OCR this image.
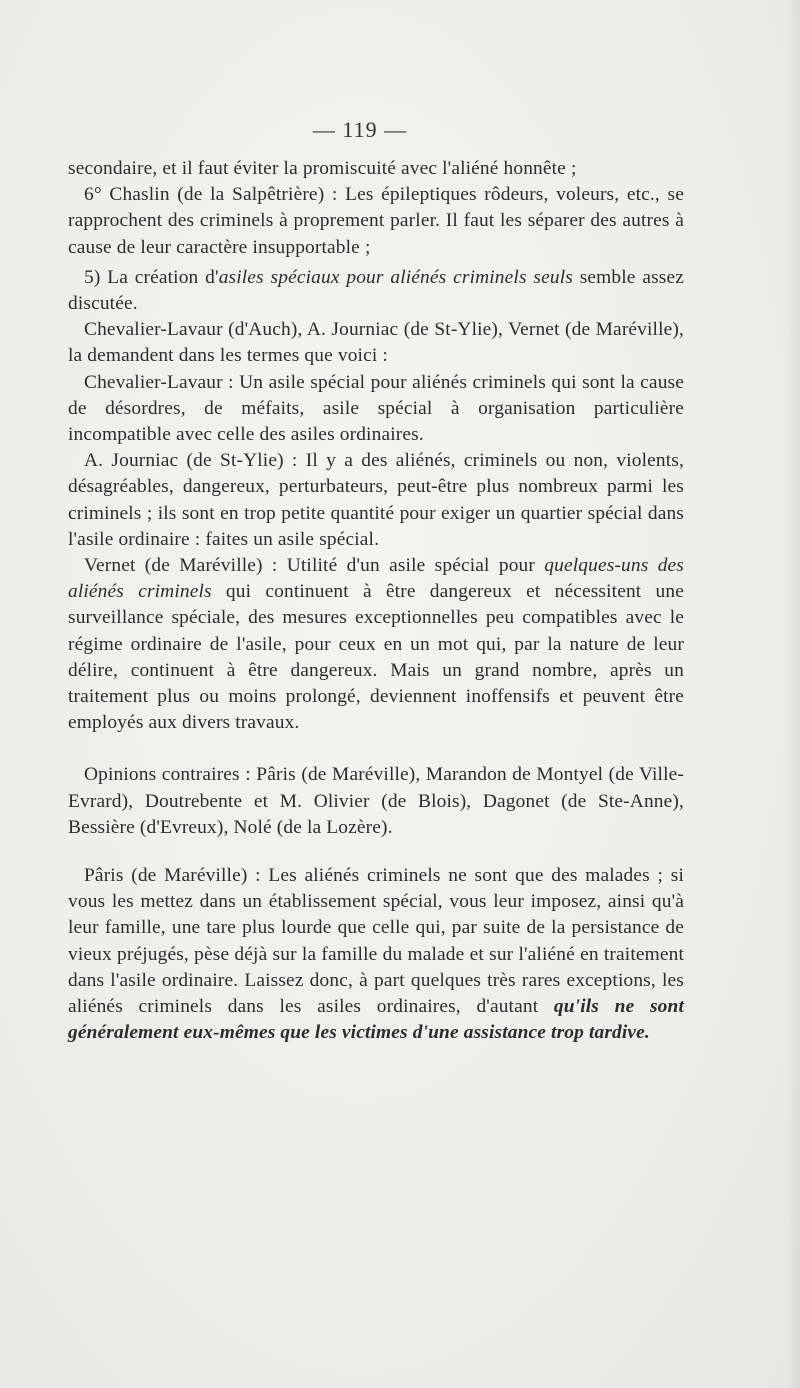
— 119 —

secondaire, et il faut éviter la promiscuité avec l'aliéné honnête ;

6° Chaslin (de la Salpêtrière) : Les épileptiques rôdeurs, voleurs, etc., se rapprochent des criminels à proprement parler. Il faut les séparer des autres à cause de leur caractère insupportable ;

5) La création d'asiles spéciaux pour aliénés criminels seuls semble assez discutée.

Chevalier-Lavaur (d'Auch), A. Journiac (de St-Ylie), Vernet (de Maréville), la demandent dans les termes que voici :

Chevalier-Lavaur : Un asile spécial pour aliénés criminels qui sont la cause de désordres, de méfaits, asile spécial à organisation particulière incompatible avec celle des asiles ordinaires.

A. Journiac (de St-Ylie) : Il y a des aliénés, criminels ou non, violents, désagréables, dangereux, perturbateurs, peut-être plus nombreux parmi les criminels ; ils sont en trop petite quantité pour exiger un quartier spécial dans l'asile ordinaire : faites un asile spécial.

Vernet (de Maréville) : Utilité d'un asile spécial pour quelques-uns des aliénés criminels qui continuent à être dangereux et nécessitent une surveillance spéciale, des mesures exceptionnelles peu compatibles avec le régime ordinaire de l'asile, pour ceux en un mot qui, par la nature de leur délire, continuent à être dangereux. Mais un grand nombre, après un traitement plus ou moins prolongé, deviennent inoffensifs et peuvent être employés aux divers travaux.

Opinions contraires : Pâris (de Maréville), Marandon de Montyel (de Ville-Evrard), Doutrebente et M. Olivier (de Blois), Dagonet (de Ste-Anne), Bessière (d'Evreux), Nolé (de la Lozère).

Pâris (de Maréville) : Les aliénés criminels ne sont que des malades ; si vous les mettez dans un établissement spécial, vous leur imposez, ainsi qu'à leur famille, une tare plus lourde que celle qui, par suite de la persistance de vieux préjugés, pèse déjà sur la famille du malade et sur l'aliéné en traitement dans l'asile ordinaire. Laissez donc, à part quelques très rares exceptions, les aliénés criminels dans les asiles ordinaires, d'autant qu'ils ne sont généralement eux-mêmes que les victimes d'une assistance trop tardive.
